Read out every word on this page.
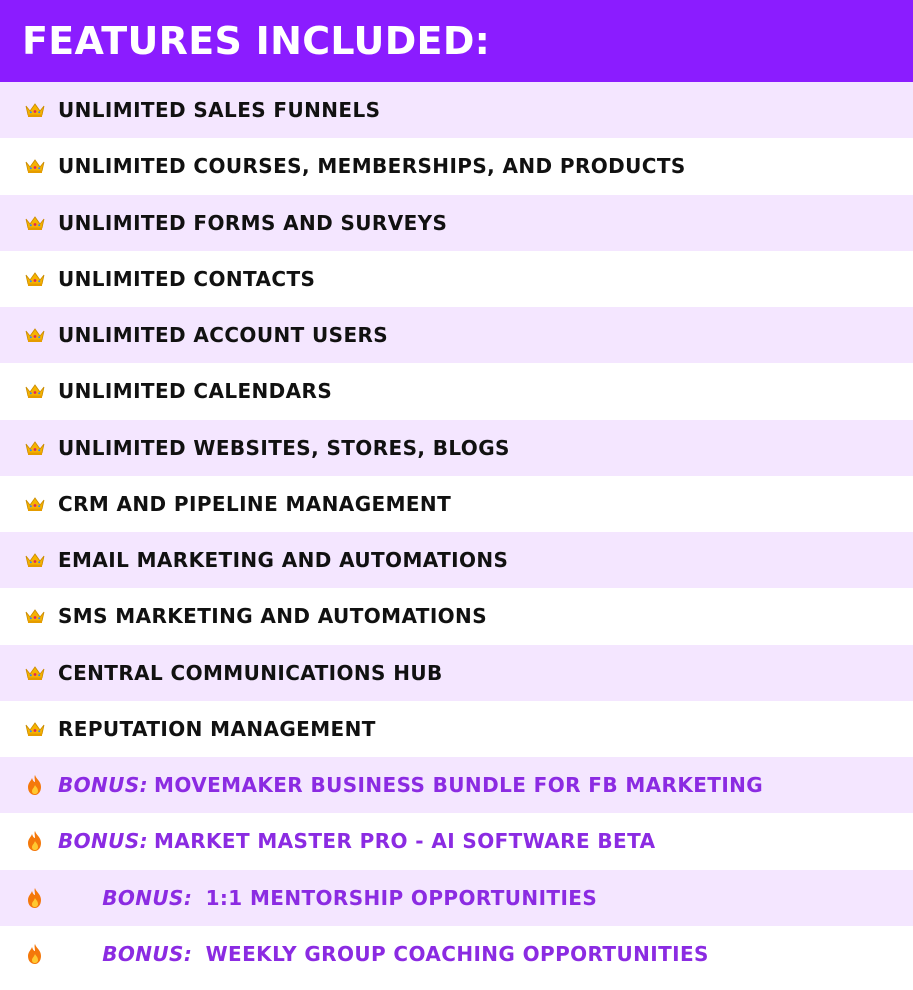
FEATURES INCLUDED:
UNLIMITED SALES FUNNELS
UNLIMITED COURSES, MEMBERSHIPS, AND PRODUCTS
UNLIMITED FORMS AND SURVEYS
UNLIMITED CONTACTS
UNLIMITED ACCOUNT USERS
UNLIMITED CALENDARS
UNLIMITED WEBSITES, STORES, BLOGS
CRM AND PIPELINE MANAGEMENT
EMAIL MARKETING AND AUTOMATIONS
SMS MARKETING AND AUTOMATIONS
CENTRAL COMMUNICATIONS HUB
REPUTATION MANAGEMENT
BONUS: MOVEMAKER BUSINESS BUNDLE FOR FB MARKETING
BONUS: MARKET MASTER PRO - AI SOFTWARE BETA

BONUS: 1:1 MENTORSHIP OPPORTUNITIES

BONUS: WEEKLY GROUP COACHING OPPORTUNITIES
